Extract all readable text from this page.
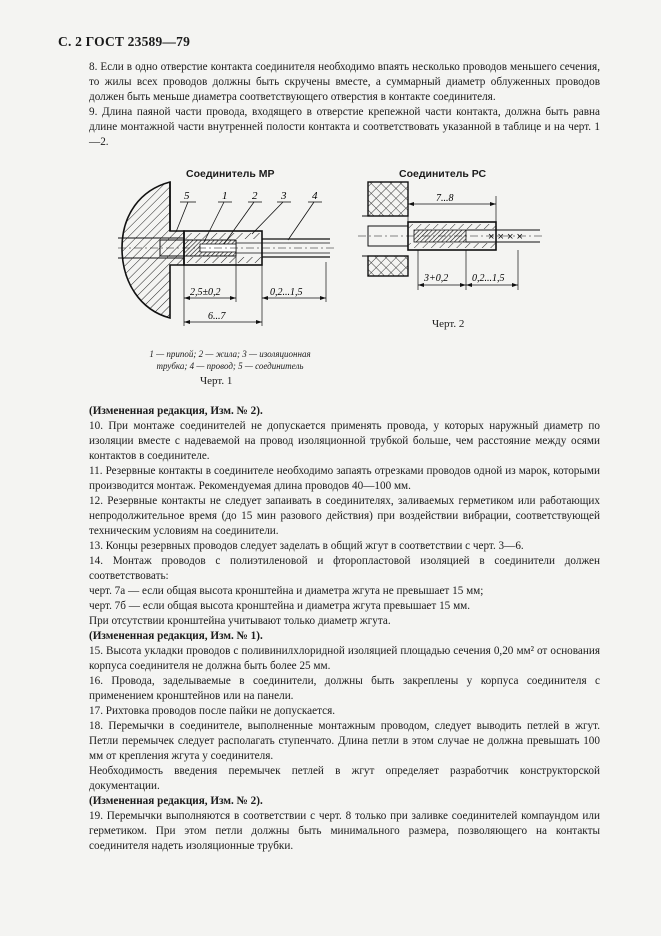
С. 2 ГОСТ 23589—79

8. Если в одно отверстие контакта соединителя необходимо впаять несколько проводов меньшего сечения, то жилы всех проводов должны быть скручены вместе, а суммарный диаметр облуженных проводов должен быть меньше диаметра соответствующего отверстия в контакте соединителя.

9. Длина паяной части провода, входящего в отверстие крепежной части контакта, должна быть равна длине монтажной части внутренней полости контакта и соответствовать указанной в таблице и на черт. 1—2.

Соединитель МР	Соединитель РС
× × × ×
5	1 2 3 4
2,5±0,2	0,2...1,5
6...7
7...8
3+0,2 0,2...1,5
1 — припой; 2 — жила; 3 — изоляционная
трубка; 4 — провод; 5 — соединитель
Черт. 1
Черт. 2

(Измененная редакция, Изм. № 2).

10. При монтаже соединителей не допускается применять провода, у которых наружный диаметр по изоляции вместе с надеваемой на провод изоляционной трубкой больше, чем расстояние между осями контактов в соединителе.

11. Резервные контакты в соединителе необходимо запаять отрезками проводов одной из марок, которыми производится монтаж. Рекомендуемая длина проводов 40—100 мм.

12. Резервные контакты не следует запаивать в соединителях, заливаемых герметиком или работающих непродолжительное время (до 15 мин разового действия) при воздействии вибрации, соответствующей техническим условиям на соединители.

13. Концы резервных проводов следует заделать в общий жгут в соответствии с черт. 3—6.

14. Монтаж проводов с полиэтиленовой и фторопластовой изоляцией в соединители должен соответствовать:

черт. 7а — если общая высота кронштейна и диаметра жгута не превышает 15 мм;

черт. 7б — если общая высота кронштейна и диаметра жгута превышает 15 мм.

При отсутствии кронштейна учитывают только диаметр жгута.

(Измененная редакция, Изм. № 1).

15. Высота укладки проводов с поливинилхлоридной изоляцией площадью сечения 0,20 мм² от основания корпуса соединителя не должна быть более 25 мм.

16. Провода, заделываемые в соединители, должны быть закреплены у корпуса соединителя с применением кронштейнов или на панели.

17. Рихтовка проводов после пайки не допускается.

18. Перемычки в соединителе, выполненные монтажным проводом, следует выводить петлей в жгут. Петли перемычек следует располагать ступенчато. Длина петли в этом случае не должна превышать 100 мм от крепления жгута у соединителя.

Необходимость введения перемычек петлей в жгут определяет разработчик конструкторской документации.

(Измененная редакция, Изм. № 2).

19. Перемычки выполняются в соответствии с черт. 8 только при заливке соединителей компаундом или герметиком. При этом петли должны быть минимального размера, позволяющего на контакты соединителя надеть изоляционные трубки.
